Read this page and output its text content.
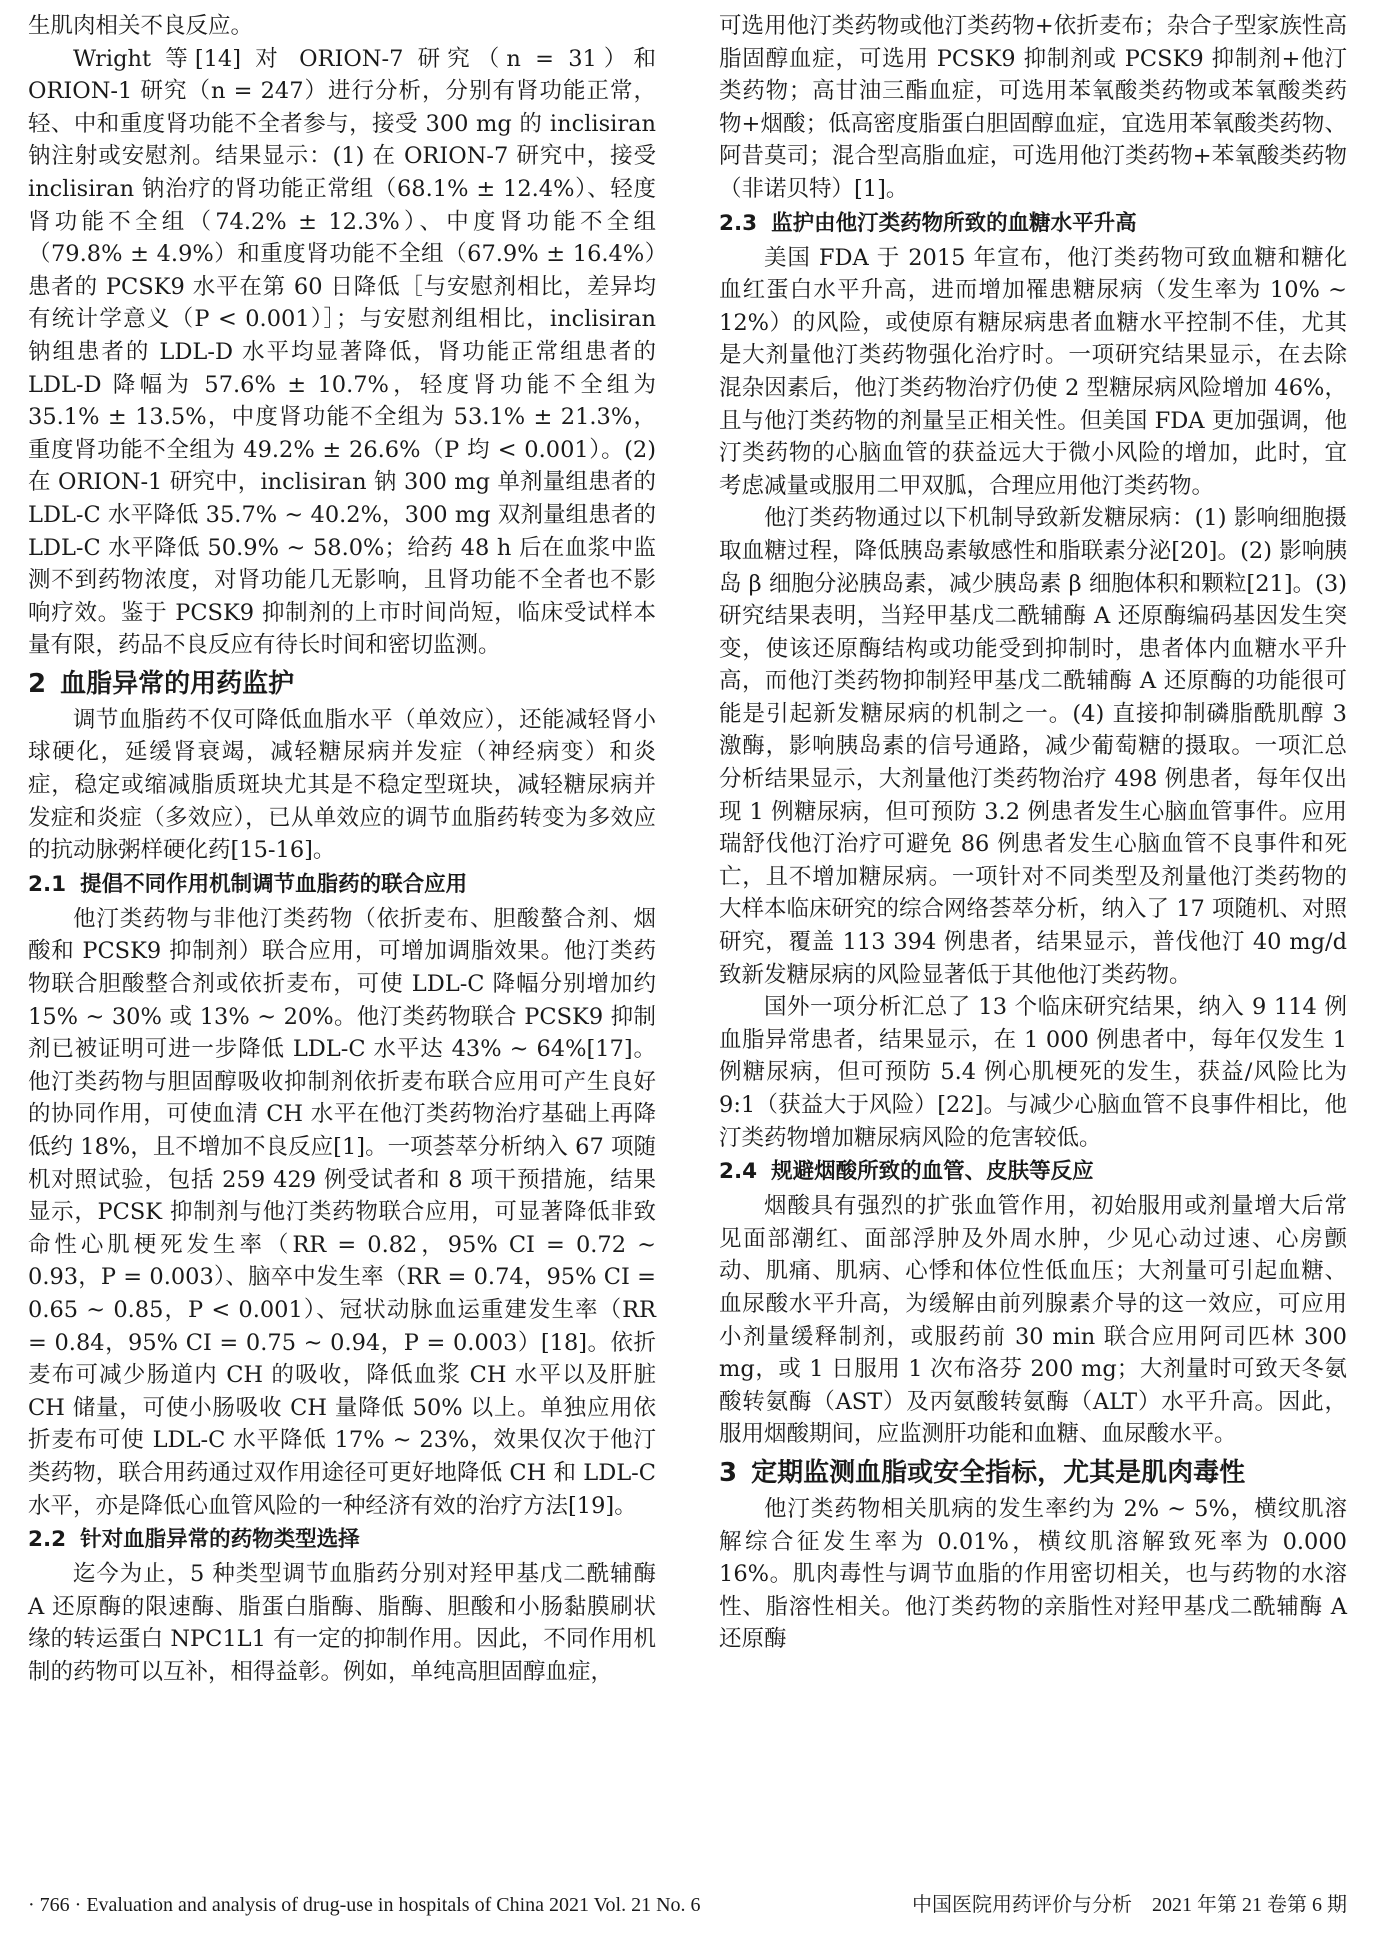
生肌肉相关不良反应。

Wright 等[14] 对 ORION-7 研究（n = 31）和 ORION-1 研究（n = 247）进行分析，分别有肾功能正常，轻、中和重度肾功能不全者参与，接受 300 mg 的 inclisiran 钠注射或安慰剂。结果显示：(1) 在 ORION-7 研究中，接受 inclisiran 钠治疗的肾功能正常组（68.1% ± 12.4%）、轻度肾功能不全组（74.2% ± 12.3%）、中度肾功能不全组（79.8% ± 4.9%）和重度肾功能不全组（67.9% ± 16.4%）患者的 PCSK9 水平在第 60 日降低［与安慰剂相比，差异均有统计学意义（P < 0.001）］；与安慰剂组相比，inclisiran 钠组患者的 LDL-D 水平均显著降低，肾功能正常组患者的 LDL-D 降幅为 57.6% ± 10.7%，轻度肾功能不全组为 35.1% ± 13.5%，中度肾功能不全组为 53.1% ± 21.3%，重度肾功能不全组为 49.2% ± 26.6%（P 均 < 0.001）。(2) 在 ORION-1 研究中，inclisiran 钠 300 mg 单剂量组患者的 LDL-C 水平降低 35.7% ~ 40.2%，300 mg 双剂量组患者的 LDL-C 水平降低 50.9% ~ 58.0%；给药 48 h 后在血浆中监测不到药物浓度，对肾功能几无影响，且肾功能不全者也不影响疗效。鉴于 PCSK9 抑制剂的上市时间尚短，临床受试样本量有限，药品不良反应有待长时间和密切监测。

2 血脂异常的用药监护

调节血脂药不仅可降低血脂水平（单效应），还能减轻肾小球硬化，延缓肾衰竭，减轻糖尿病并发症（神经病变）和炎症，稳定或缩减脂质斑块尤其是不稳定型斑块，减轻糖尿病并发症和炎症（多效应），已从单效应的调节血脂药转变为多效应的抗动脉粥样硬化药[15-16]。

2.1 提倡不同作用机制调节血脂药的联合应用

他汀类药物与非他汀类药物（依折麦布、胆酸螯合剂、烟酸和 PCSK9 抑制剂）联合应用，可增加调脂效果。他汀类药物联合胆酸整合剂或依折麦布，可使 LDL-C 降幅分别增加约 15% ~ 30% 或 13% ~ 20%。他汀类药物联合 PCSK9 抑制剂已被证明可进一步降低 LDL-C 水平达 43% ~ 64%[17]。他汀类药物与胆固醇吸收抑制剂依折麦布联合应用可产生良好的协同作用，可使血清 CH 水平在他汀类药物治疗基础上再降低约 18%，且不增加不良反应[1]。一项荟萃分析纳入 67 项随机对照试验，包括 259 429 例受试者和 8 项干预措施，结果显示，PCSK 抑制剂与他汀类药物联合应用，可显著降低非致命性心肌梗死发生率（RR = 0.82，95% CI = 0.72 ~ 0.93，P = 0.003）、脑卒中发生率（RR = 0.74，95% CI = 0.65 ~ 0.85，P < 0.001）、冠状动脉血运重建发生率（RR = 0.84，95% CI = 0.75 ~ 0.94，P = 0.003）[18]。依折麦布可减少肠道内 CH 的吸收，降低血浆 CH 水平以及肝脏 CH 储量，可使小肠吸收 CH 量降低 50% 以上。单独应用依折麦布可使 LDL-C 水平降低 17% ~ 23%，效果仅次于他汀类药物，联合用药通过双作用途径可更好地降低 CH 和 LDL-C 水平，亦是降低心血管风险的一种经济有效的治疗方法[19]。

2.2 针对血脂异常的药物类型选择

迄今为止，5 种类型调节血脂药分别对羟甲基戊二酰辅酶 A 还原酶的限速酶、脂蛋白脂酶、脂酶、胆酸和小肠黏膜刷状缘的转运蛋白 NPC1L1 有一定的抑制作用。因此，不同作用机制的药物可以互补，相得益彰。例如，单纯高胆固醇血症，

可选用他汀类药物或他汀类药物+依折麦布；杂合子型家族性高脂固醇血症，可选用 PCSK9 抑制剂或 PCSK9 抑制剂+他汀类药物；高甘油三酯血症，可选用苯氧酸类药物或苯氧酸类药物+烟酸；低高密度脂蛋白胆固醇血症，宜选用苯氧酸类药物、阿昔莫司；混合型高脂血症，可选用他汀类药物+苯氧酸类药物（非诺贝特）[1]。

2.3 监护由他汀类药物所致的血糖水平升高

美国 FDA 于 2015 年宣布，他汀类药物可致血糖和糖化血红蛋白水平升高，进而增加罹患糖尿病（发生率为 10% ~ 12%）的风险，或使原有糖尿病患者血糖水平控制不佳，尤其是大剂量他汀类药物强化治疗时。一项研究结果显示，在去除混杂因素后，他汀类药物治疗仍使 2 型糖尿病风险增加 46%，且与他汀类药物的剂量呈正相关性。但美国 FDA 更加强调，他汀类药物的心脑血管的获益远大于微小风险的增加，此时，宜考虑减量或服用二甲双胍，合理应用他汀类药物。

他汀类药物通过以下机制导致新发糖尿病：(1) 影响细胞摄取血糖过程，降低胰岛素敏感性和脂联素分泌[20]。(2) 影响胰岛 β 细胞分泌胰岛素，减少胰岛素 β 细胞体积和颗粒[21]。(3) 研究结果表明，当羟甲基戊二酰辅酶 A 还原酶编码基因发生突变，使该还原酶结构或功能受到抑制时，患者体内血糖水平升高，而他汀类药物抑制羟甲基戊二酰辅酶 A 还原酶的功能很可能是引起新发糖尿病的机制之一。(4) 直接抑制磷脂酰肌醇 3 激酶，影响胰岛素的信号通路，减少葡萄糖的摄取。一项汇总分析结果显示，大剂量他汀类药物治疗 498 例患者，每年仅出现 1 例糖尿病，但可预防 3.2 例患者发生心脑血管事件。应用瑞舒伐他汀治疗可避免 86 例患者发生心脑血管不良事件和死亡，且不增加糖尿病。一项针对不同类型及剂量他汀类药物的大样本临床研究的综合网络荟萃分析，纳入了 17 项随机、对照研究，覆盖 113 394 例患者，结果显示，普伐他汀 40 mg/d 致新发糖尿病的风险显著低于其他他汀类药物。

国外一项分析汇总了 13 个临床研究结果，纳入 9 114 例血脂异常患者，结果显示，在 1 000 例患者中，每年仅发生 1 例糖尿病，但可预防 5.4 例心肌梗死的发生，获益/风险比为 9:1（获益大于风险）[22]。与减少心脑血管不良事件相比，他汀类药物增加糖尿病风险的危害较低。

2.4 规避烟酸所致的血管、皮肤等反应

烟酸具有强烈的扩张血管作用，初始服用或剂量增大后常见面部潮红、面部浮肿及外周水肿，少见心动过速、心房颤动、肌痛、肌病、心悸和体位性低血压；大剂量可引起血糖、血尿酸水平升高，为缓解由前列腺素介导的这一效应，可应用小剂量缓释制剂，或服药前 30 min 联合应用阿司匹林 300 mg，或 1 日服用 1 次布洛芬 200 mg；大剂量时可致天冬氨酸转氨酶（AST）及丙氨酸转氨酶（ALT）水平升高。因此，服用烟酸期间，应监测肝功能和血糖、血尿酸水平。

3 定期监测血脂或安全指标，尤其是肌肉毒性

他汀类药物相关肌病的发生率约为 2% ~ 5%，横纹肌溶解综合征发生率为 0.01%，横纹肌溶解致死率为 0.000 16%。肌肉毒性与调节血脂的作用密切相关，也与药物的水溶性、脂溶性相关。他汀类药物的亲脂性对羟甲基戊二酰辅酶 A 还原酶

· 766 · Evaluation and analysis of drug-use in hospitals of China 2021 Vol. 21 No. 6	中国医院用药评价与分析　2021 年第 21 卷第 6 期
